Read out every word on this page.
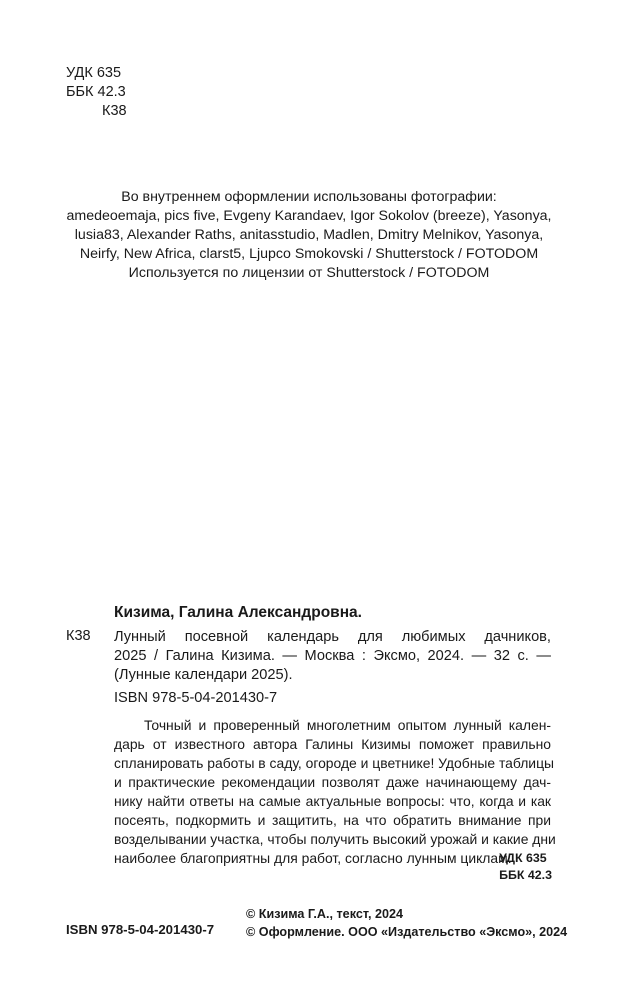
УДК 635
ББК 42.3
К38
Во внутреннем оформлении использованы фотографии:
amedeoemaja, pics five, Evgeny Karandaev, Igor Sokolov (breeze), Yasonya,
lusia83, Alexander Raths, anitasstudio, Madlen, Dmitry Melnikov, Yasonya,
Neirfy, New Africa, clarst5, Ljupco Smokovski / Shutterstock / FOTODOM
Используется по лицензии от Shutterstock / FOTODOM
Кизима, Галина Александровна.
К38 Лунный посевной календарь для любимых дачников,
2025 / Галина Кизима. — Москва : Эксмо, 2024. — 32 с. —
(Лунные календари 2025).
ISBN 978-5-04-201430-7
Точный и проверенный многолетним опытом лунный кален-
дарь от известного автора Галины Кизимы поможет правильно
спланировать работы в саду, огороде и цветнике! Удобные таблицы
и практические рекомендации позволят даже начинающему дач-
нику найти ответы на самые актуальные вопросы: что, когда и как
посеять, подкормить и защитить, на что обратить внимание при
возделывании участка, чтобы получить высокий урожай и какие дни
наиболее благоприятны для работ, согласно лунным циклам.
УДК 635
ББК 42.3
ISBN 978-5-04-201430-7
© Кизима Г.А., текст, 2024
© Оформление. ООО «Издательство «Эксмо», 2024
